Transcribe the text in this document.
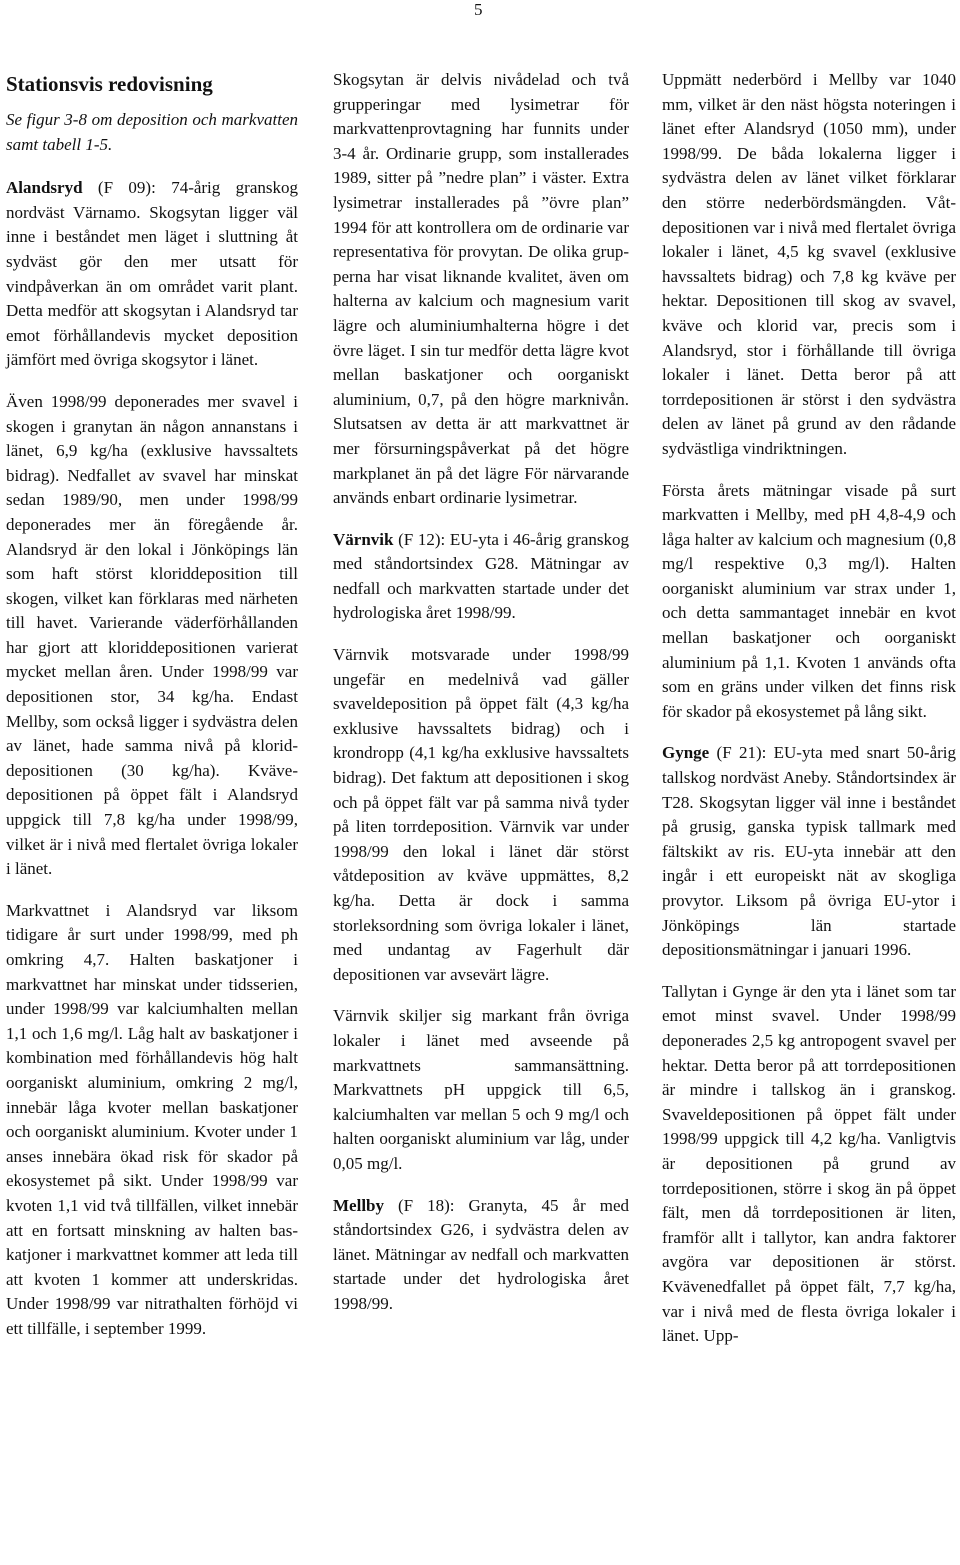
5
Stationsvis redovisning

Se figur 3-8 om deposition och markvatten samt tabell 1-5.

Alandsryd (F 09): 74-årig granskog nordväst Värnamo. Skogsytan ligger väl inne i beståndet men läget i sluttning åt sydväst gör den mer utsatt för vindpåverkan än om området varit plant. Detta medför att skogsytan i Alandsryd tar emot förhållandevis mycket deposition jämfört med övriga skogsytor i länet.

Även 1998/99 deponerades mer svavel i skogen i granytan än någon annanstans i länet, 6,9 kg/ha (exklusive havssaltets bidrag). Nedfallet av svavel har minskat sedan 1989/90, men under 1998/99 deponerades mer än föregående år. Alandsryd är den lokal i Jönköpings län som haft störst kloriddeposition till skogen, vilket kan förklaras med närheten till havet. Varierande väderförhållanden har gjort att kloriddepositionen varierat mycket mellan åren. Under 1998/99 var depositionen stor, 34 kg/ha. Endast Mellby, som också ligger i sydvästra delen av länet, hade samma nivå på kloriddepositionen (30 kg/ha). Kvävedepositionen på öppet fält i Alandsryd uppgick till 7,8 kg/ha under 1998/99, vilket är i nivå med flertalet övriga lokaler i länet.

Markvattnet i Alandsryd var liksom tidigare år surt under 1998/99, med ph omkring 4,7. Halten baskatjoner i markvattnet har minskat under tidsserien, under 1998/99 var kalciumhalten mellan 1,1 och 1,6 mg/l. Låg halt av baskatjoner i kombination med förhållandevis hög halt oorganiskt aluminium, omkring 2 mg/l, innebär låga kvoter mellan baskatjoner och oorganiskt aluminium. Kvoter under 1 anses innebära ökad risk för skador på ekosystemet på sikt. Under 1998/99 var kvoten 1,1 vid två tillfällen, vilket innebär att en fortsatt minskning av halten baskatjoner i markvattnet kommer att leda till att kvoten 1 kommer att underskridas. Under 1998/99 var nitrathalten förhöjd vi ett tillfälle, i september 1999.

Skogsytan är delvis nivådelad och två grupperingar med lysimetrar för markvattenprovtagning har funnits under 3-4 år. Ordinarie grupp, som installerades 1989, sitter på ”nedre plan” i väster. Extra lysimetrar installerades på ”övre plan” 1994 för att kontrollera om de ordinarie var representativa för provytan. De olika grupperna har visat liknande kvalitet, även om halterna av kalcium och magnesium varit lägre och aluminiumhalterna högre i det övre läget. I sin tur medför detta lägre kvot mellan baskatjoner och oorganiskt aluminium, 0,7, på den högre marknivån. Slutsatsen av detta är att markvattnet är mer försurningspåverkat på det högre markplanet än på det lägre För närvarande används enbart ordinarie lysimetrar.

Värnvik (F 12): EU-yta i 46-årig granskog med ståndortsindex G28. Mätningar av nedfall och markvatten startade under det hydrologiska året 1998/99.

Värnvik motsvarade under 1998/99 ungefär en medelnivå vad gäller svaveldeposition på öppet fält (4,3 kg/ha exklusive havssaltets bidrag) och i krondropp (4,1 kg/ha exklusive havssaltets bidrag). Det faktum att depositionen i skog och på öppet fält var på samma nivå tyder på liten torrdeposition. Värnvik var under 1998/99 den lokal i länet där störst våtdeposition av kväve uppmättes, 8,2 kg/ha. Detta är dock i samma storleksordning som övriga lokaler i länet, med undantag av Fagerhult där depositionen var avsevärt lägre.

Värnvik skiljer sig markant från övriga lokaler i länet med avseende på markvattnets sammansättning. Markvattnets pH uppgick till 6,5, kalciumhalten var mellan 5 och 9 mg/l och halten oorganiskt aluminium var låg, under 0,05 mg/l.

Mellby (F 18): Granyta, 45 år med ståndortsindex G26, i sydvästra delen av länet. Mätningar av nedfall och markvatten startade under det hydrologiska året 1998/99.

Uppmätt nederbörd i Mellby var 1040 mm, vilket är den näst högsta noteringen i länet efter Alandsryd (1050 mm), under 1998/99. De båda lokalerna ligger i sydvästra delen av länet vilket förklarar den större nederbördsmängden. Våtdepositionen var i nivå med flertalet övriga lokaler i länet, 4,5 kg svavel (exklusive havssaltets bidrag) och 7,8 kg kväve per hektar. Depositionen till skog av svavel, kväve och klorid var, precis som i Alandsryd, stor i förhållande till övriga lokaler i länet. Detta beror på att torrdepositionen är störst i den sydvästra delen av länet på grund av den rådande sydvästliga vindriktningen.

Första årets mätningar visade på surt markvatten i Mellby, med pH 4,8-4,9 och låga halter av kalcium och magnesium (0,8 mg/l respektive 0,3 mg/l). Halten oorganiskt aluminium var strax under 1, och detta sammantaget innebär en kvot mellan baskatjoner och oorganiskt aluminium på 1,1. Kvoten 1 används ofta som en gräns under vilken det finns risk för skador på ekosystemet på lång sikt.

Gynge (F 21): EU-yta med snart 50-årig tallskog nordväst Aneby. Ståndortsindex är T28. Skogsytan ligger väl inne i beståndet på grusig, ganska typisk tallmark med fältskikt av ris. EU-yta innebär att den ingår i ett europeiskt nät av skogliga provytor. Liksom på övriga EU-ytor i Jönköpings län startade depositionsmätningar i januari 1996.

Tallytan i Gynge är den yta i länet som tar emot minst svavel. Under 1998/99 deponerades 2,5 kg antropogent svavel per hektar. Detta beror på att torrdepositionen är mindre i tallskog än i granskog. Svaveldepositionen på öppet fält under 1998/99 uppgick till 4,2 kg/ha. Vanligtvis är depositionen på grund av torrdepositionen, större i skog än på öppet fält, men då torrdepositionen är liten, framför allt i tallytor, kan andra faktorer avgöra var depositionen är störst. Kvävenedfallet på öppet fält, 7,7 kg/ha, var i nivå med de flesta övriga lokaler i länet. Upp-
